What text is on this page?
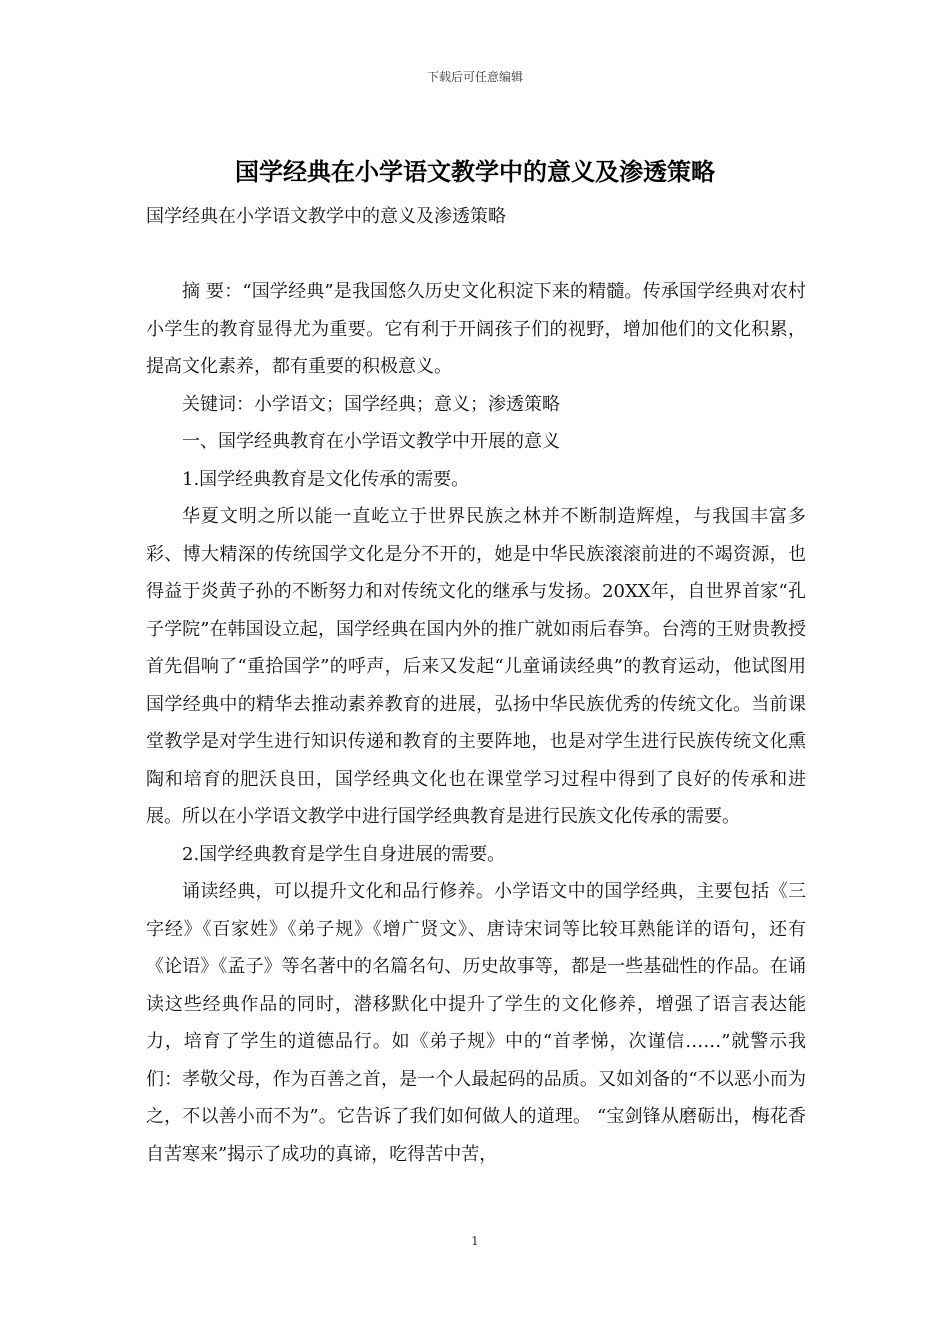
下载后可任意编辑
国学经典在小学语文教学中的意义及渗透策略

国学经典在小学语文教学中的意义及渗透策略

摘 要：“国学经典”是我国悠久历史文化积淀下来的精髓。传承国学经典对农村小学生的教育显得尤为重要。它有利于开阔孩子们的视野，增加他们的文化积累，提高文化素养，都有重要的积极意义。

关键词：小学语文；国学经典；意义；渗透策略

一、国学经典教育在小学语文教学中开展的意义

1.国学经典教育是文化传承的需要。

华夏文明之所以能一直屹立于世界民族之林并不断制造辉煌，与我国丰富多彩、博大精深的传统国学文化是分不开的，她是中华民族滚滚前进的不竭资源，也得益于炎黄子孙的不断努力和对传统文化的继承与发扬。20XX年，自世界首家“孔子学院”在韩国设立起，国学经典在国内外的推广就如雨后春笋。台湾的王财贵教授首先倡响了“重拾国学”的呼声，后来又发起“儿童诵读经典”的教育运动，他试图用国学经典中的精华去推动素养教育的进展，弘扬中华民族优秀的传统文化。当前课堂教学是对学生进行知识传递和教育的主要阵地，也是对学生进行民族传统文化熏陶和培育的肥沃良田，国学经典文化也在课堂学习过程中得到了良好的传承和进展。所以在小学语文教学中进行国学经典教育是进行民族文化传承的需要。

2.国学经典教育是学生自身进展的需要。

诵读经典，可以提升文化和品行修养。小学语文中的国学经典，主要包括《三字经》《百家姓》《弟子规》《增广贤文》、唐诗宋词等比较耳熟能详的语句，还有《论语》《孟子》等名著中的名篇名句、历史故事等，都是一些基础性的作品。在诵读这些经典作品的同时，潜移默化中提升了学生的文化修养，增强了语言表达能力，培育了学生的道德品行。如《弟子规》中的“首孝悌，次谨信……”就警示我们：孝敬父母，作为百善之首，是一个人最起码的品质。又如刘备的“不以恶小而为之，不以善小而不为”。它告诉了我们如何做人的道理。 “宝剑锋从磨砺出，梅花香自苦寒来”揭示了成功的真谛，吃得苦中苦，

1
